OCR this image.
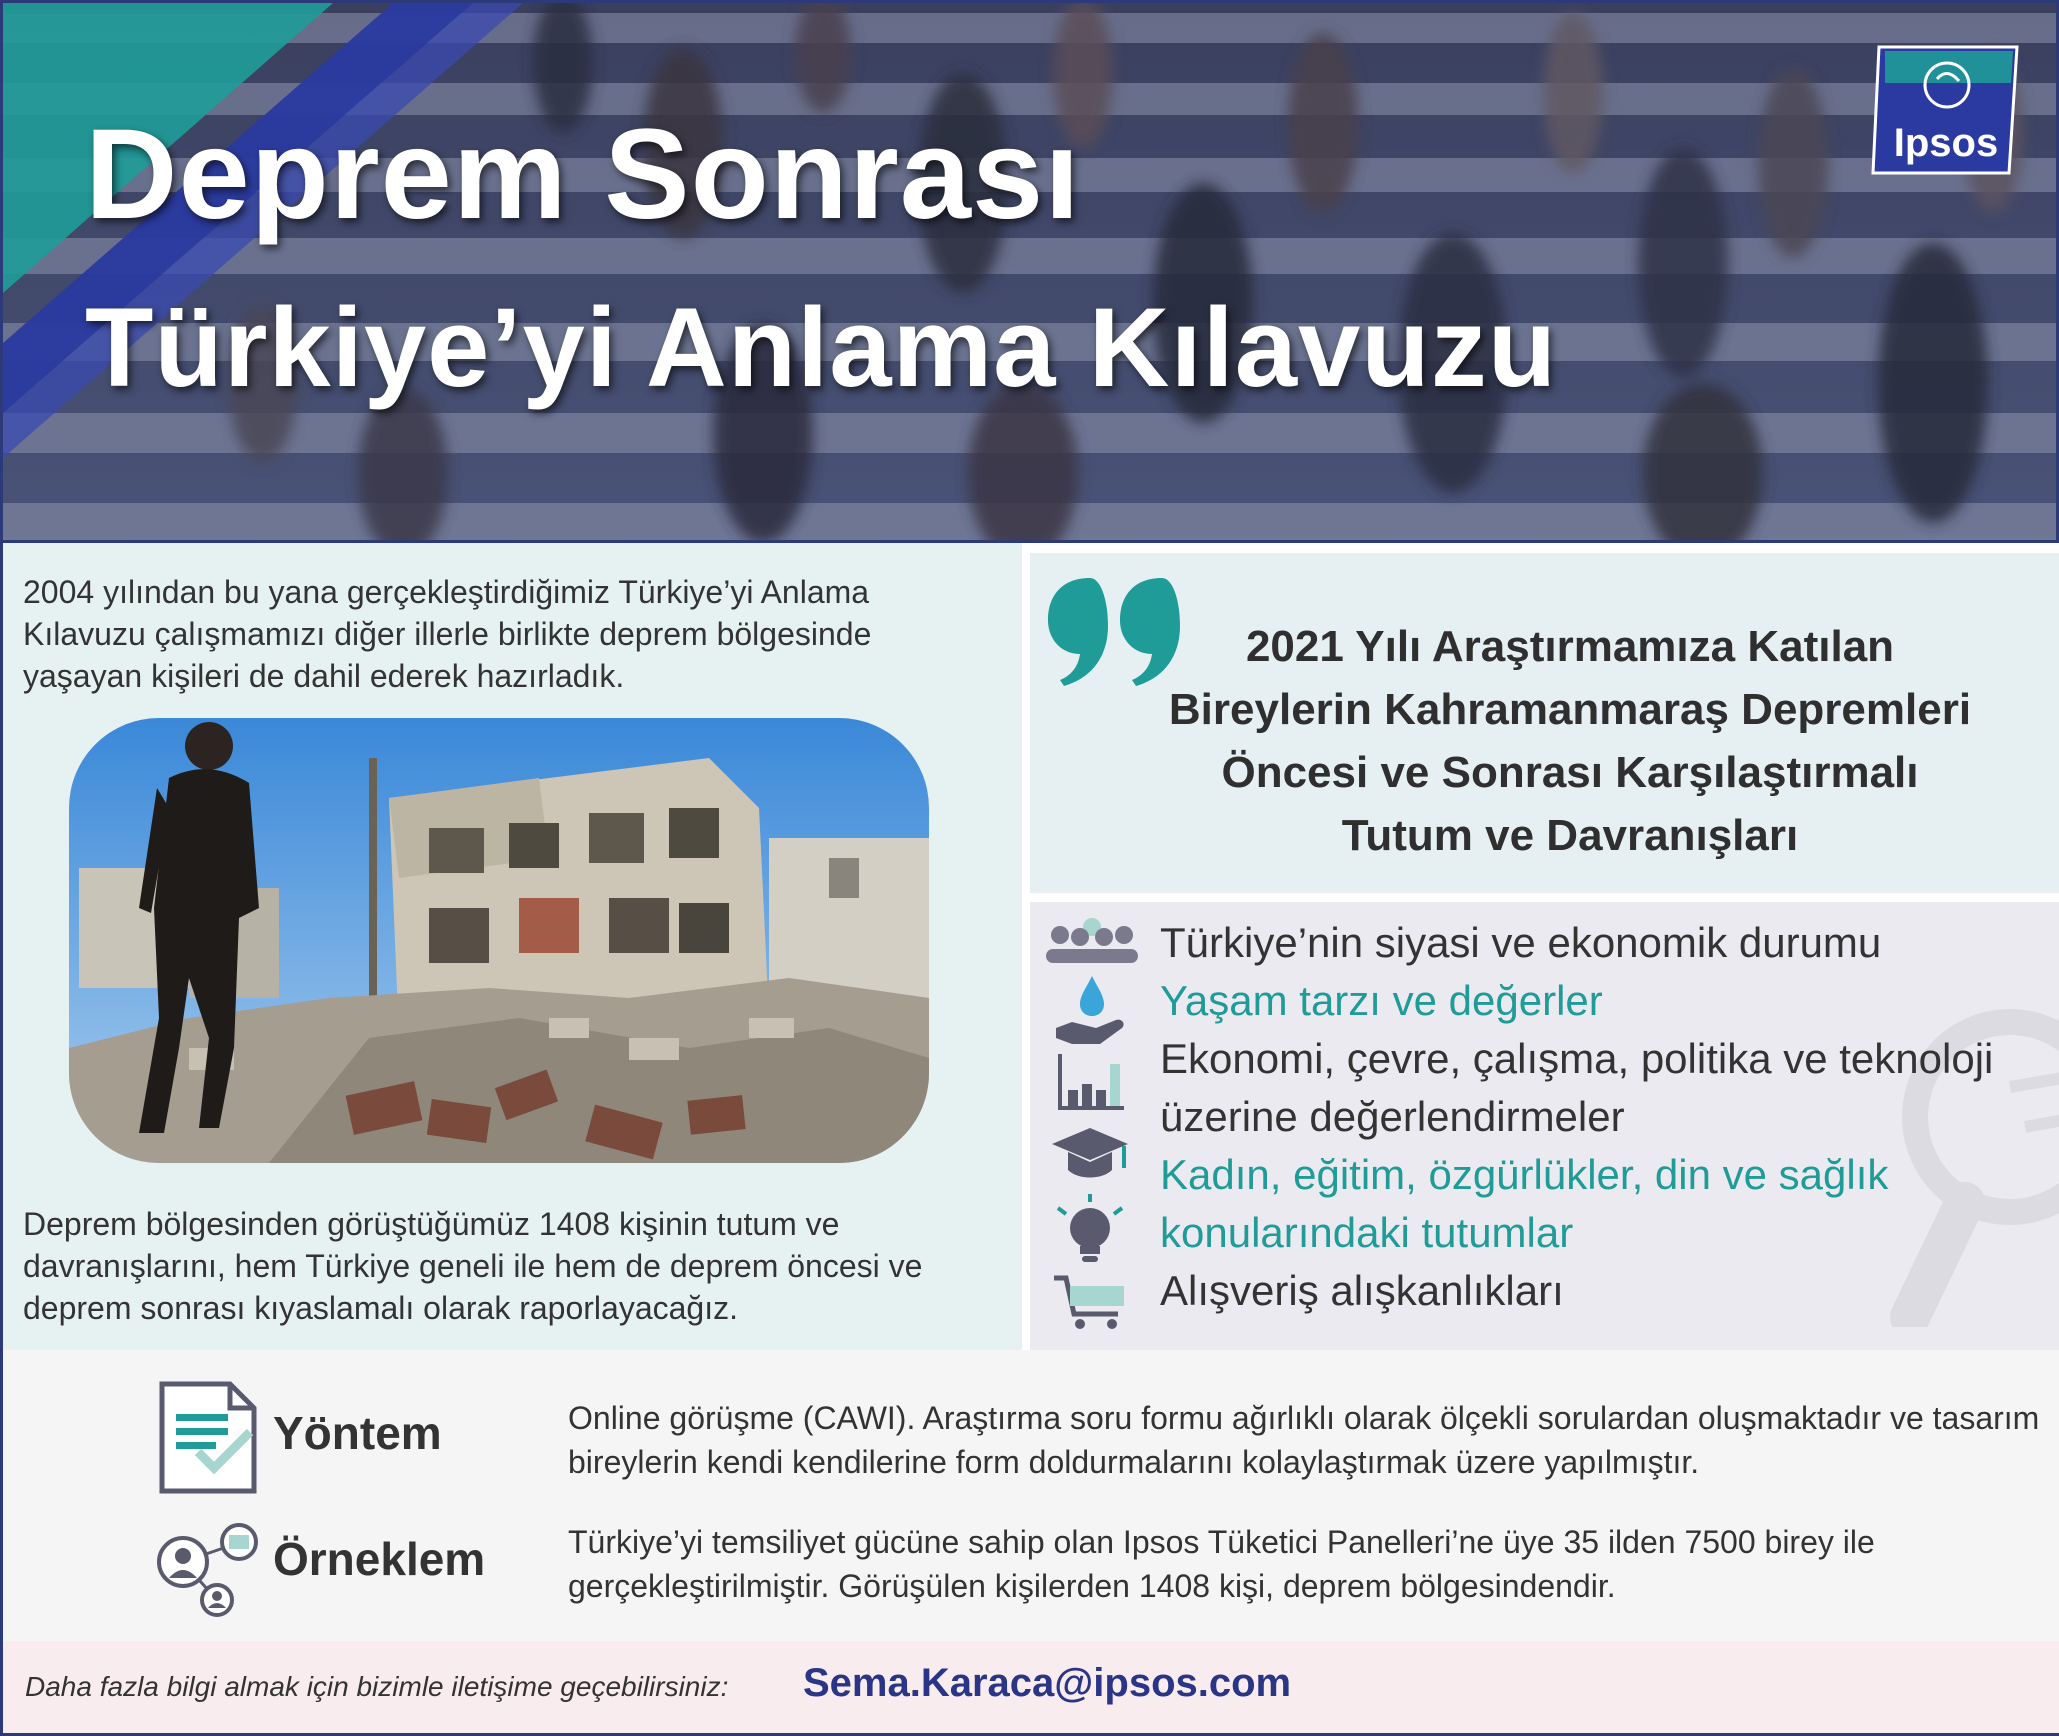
Deprem Sonrası
Türkiye’yi Anlama Kılavuzu
Ipsos
2004 yılından bu yana gerçekleştirdiğimiz Türkiye’yi Anlama Kılavuzu çalışmamızı diğer illerle birlikte deprem bölgesinde yaşayan kişileri de dahil ederek hazırladık.
Deprem bölgesinden görüştüğümüz 1408 kişinin tutum ve davranışlarını, hem Türkiye geneli ile hem de deprem öncesi ve deprem sonrası kıyaslamalı olarak raporlayacağız.
2021 Yılı Araştırmamıza Katılan
Bireylerin Kahramanmaraş Depremleri
Öncesi ve Sonrası Karşılaştırmalı
Tutum ve Davranışları
Türkiye’nin siyasi ve ekonomik durumu
Yaşam tarzı ve değerler
Ekonomi, çevre, çalışma, politika ve teknoloji
üzerine değerlendirmeler
Kadın, eğitim, özgürlükler, din ve sağlık
konularındaki tutumlar
Alışveriş alışkanlıkları
Yöntem	Online görüşme (CAWI). Araştırma soru formu ağırlıklı olarak ölçekli sorulardan oluşmaktadır ve tasarım bireylerin kendi kendilerine form doldurmalarını kolaylaştırmak üzere yapılmıştır.
Örneklem	Türkiye’yi temsiliyet gücüne sahip olan Ipsos Tüketici Panelleri’ne üye 35 ilden 7500 birey ile gerçekleştirilmiştir. Görüşülen kişilerden 1408 kişi, deprem bölgesindendir.
Daha fazla bilgi almak için bizimle iletişime geçebilirsiniz: Sema.Karaca@ipsos.com
